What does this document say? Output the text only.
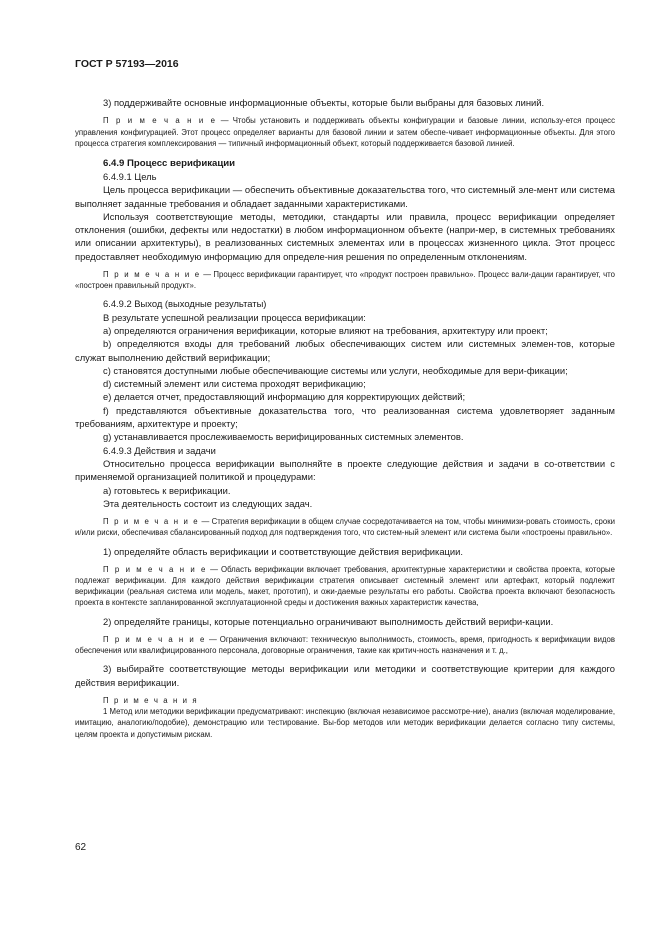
ГОСТ Р 57193—2016

3) поддерживайте основные информационные объекты, которые были выбраны для базовых линий.

П р и м е ч а н и е — Чтобы установить и поддерживать объекты конфигурации и базовые линии, использу-ется процесс управления конфигурацией. Этот процесс определяет варианты для базовой линии и затем обеспе-чивает информационные объекты. Для этого процесса стратегия комплексирования — типичный информационный объект, который поддерживается базовой линией.

6.4.9 Процесс верификации

6.4.9.1 Цель

Цель процесса верификации — обеспечить объективные доказательства того, что системный эле-мент или система выполняет заданные требования и обладает заданными характеристиками.

Используя соответствующие методы, методики, стандарты или правила, процесс верификации определяет отклонения (ошибки, дефекты или недостатки) в любом информационном объекте (напри-мер, в системных требованиях или описании архитектуры), в реализованных системных элементах или в процессах жизненного цикла. Этот процесс предоставляет необходимую информацию для определе-ния решения по определенным отклонениям.

П р и м е ч а н и е — Процесс верификации гарантирует, что «продукт построен правильно». Процесс вали-дации гарантирует, что «построен правильный продукт».

6.4.9.2 Выход (выходные результаты)

В результате успешной реализации процесса верификации:

a) определяются ограничения верификации, которые влияют на требования, архитектуру или проект;

b) определяются входы для требований любых обеспечивающих систем или системных элемен-тов, которые служат выполнению действий верификации;

c) становятся доступными любые обеспечивающие системы или услуги, необходимые для вери-фикации;

d) системный элемент или система проходят верификацию;

e) делается отчет, предоставляющий информацию для корректирующих действий;

f) представляются объективные доказательства того, что реализованная система удовлетворяет заданным требованиям, архитектуре и проекту;

g) устанавливается прослеживаемость верифицированных системных элементов.

6.4.9.3 Действия и задачи

Относительно процесса верификации выполняйте в проекте следующие действия и задачи в со-ответствии с применяемой организацией политикой и процедурами:

a) готовьтесь к верификации.

Эта деятельность состоит из следующих задач.

П р и м е ч а н и е — Стратегия верификации в общем случае сосредотачивается на том, чтобы минимизи-ровать стоимость, сроки и/или риски, обеспечивая сбалансированный подход для подтверждения того, что систем-ный элемент или система были «построены правильно».

1) определяйте область верификации и соответствующие действия верификации.

П р и м е ч а н и е — Область верификации включает требования, архитектурные характеристики и свойства проекта, которые подлежат верификации. Для каждого действия верификации стратегия описывает системный элемент или артефакт, который подлежит верификации (реальная система или модель, макет, прототип), и ожи-даемые результаты его работы. Свойства проекта включают безопасность проекта в контексте запланированной эксплуатационной среды и достижения важных характеристик качества,

2) определяйте границы, которые потенциально ограничивают выполнимость действий верифи-кации.

П р и м е ч а н и е — Ограничения включают: техническую выполнимость, стоимость, время, пригодность к верификации видов обеспечения или квалифицированного персонала, договорные ограничения, такие как критич-ность назначения и т. д.,

3) выбирайте соответствующие методы верификации или методики и соответствующие критерии для каждого действия верификации.

П р и м е ч а н и я

1 Метод или методики верификации предусматривают: инспекцию (включая независимое рассмотре-ние), анализ (включая моделирование, имитацию, аналогию/подобие), демонстрацию или тестирование. Вы-бор методов или методик верификации делается согласно типу системы, целям проекта и допустимым рискам.

62
